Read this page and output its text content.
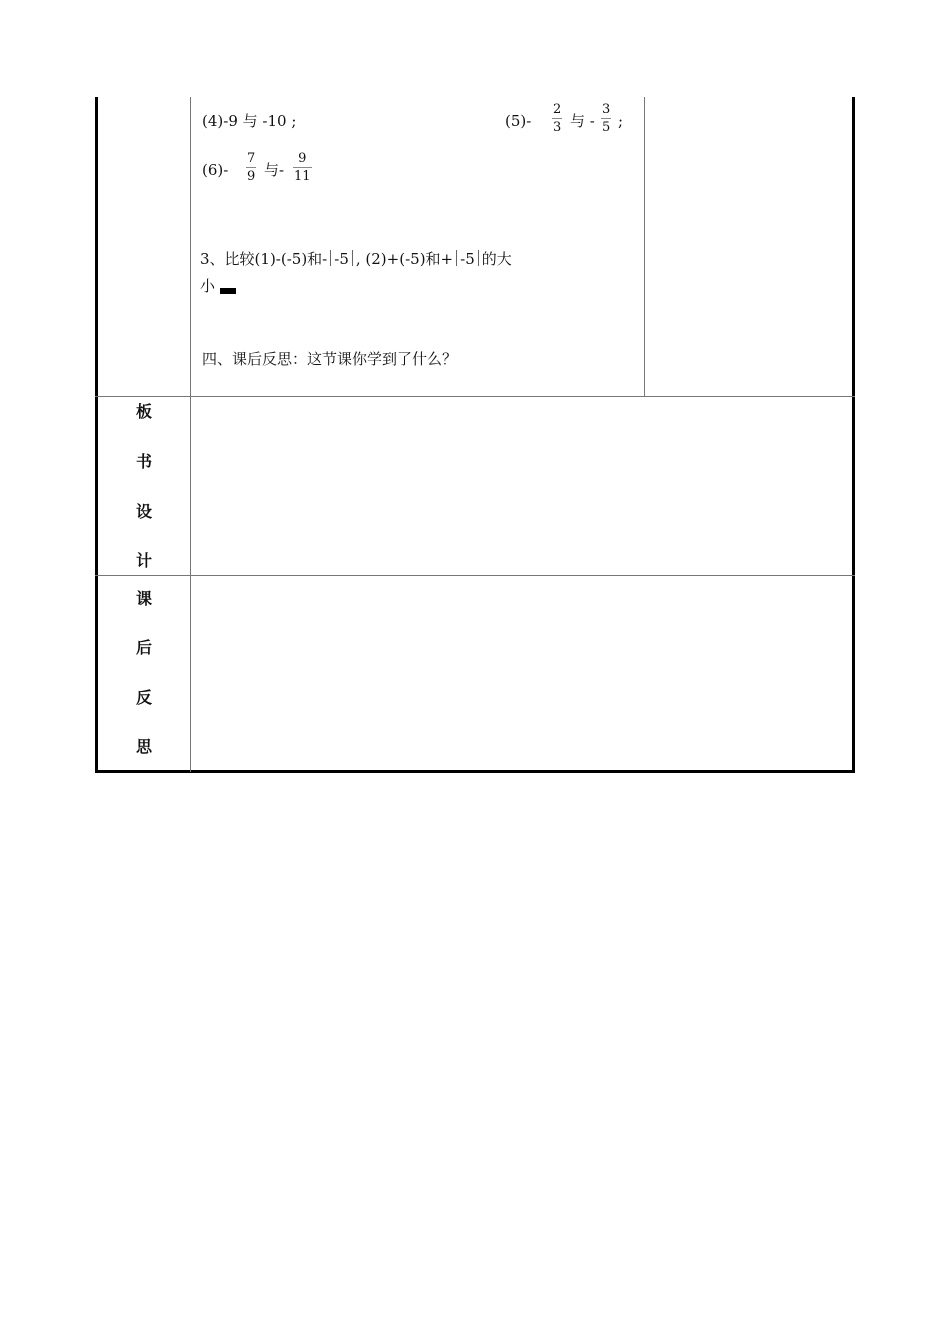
(4)-9 与 -10 ;	(5)-
2
3 与 -
3
5 ;
(6)-
7
9 与-
9
11
3、比较(1)-(-5)和- -5 , (2)+(-5)和+ -5 的大
小
四、课后反思：这节课你学到了什么？
板
书
设
计
课
后
反
思
